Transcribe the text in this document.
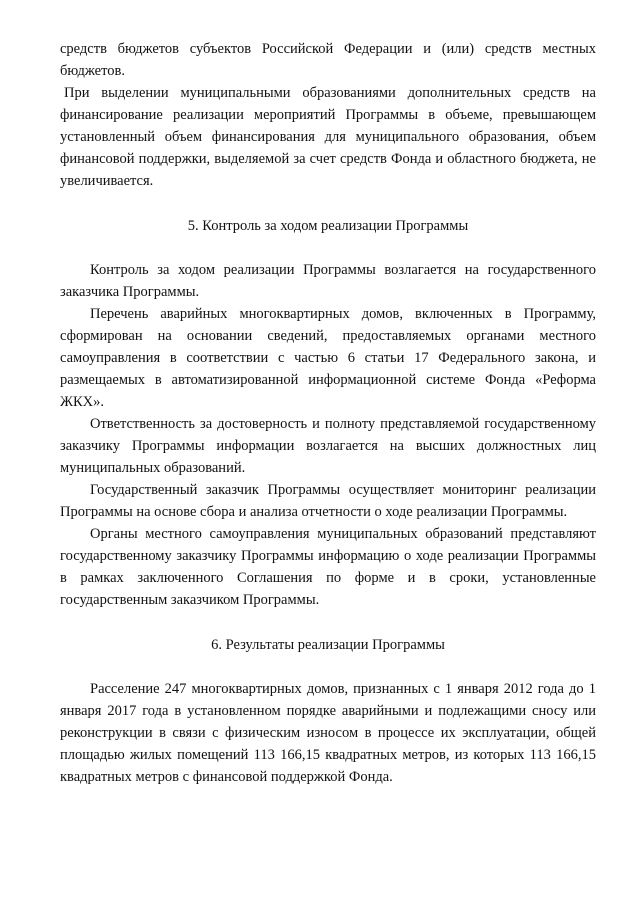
средств бюджетов субъектов Российской Федерации и (или) средств местных бюджетов.

При выделении муниципальными образованиями дополнительных средств на финансирование реализации мероприятий Программы в объеме, превышающем установленный объем финансирования для муниципального образования, объем финансовой поддержки, выделяемой за счет средств Фонда и областного бюджета, не увеличивается.

5. Контроль за ходом реализации Программы

Контроль за ходом реализации Программы возлагается на государственного заказчика Программы.

Перечень аварийных многоквартирных домов, включенных в Программу, сформирован на основании сведений, предоставляемых органами местного самоуправления в соответствии с частью 6 статьи 17 Федерального закона, и размещаемых в автоматизированной информационной системе Фонда «Реформа ЖКХ».

Ответственность за достоверность и полноту представляемой государственному заказчику Программы информации возлагается на высших должностных лиц муниципальных образований.

Государственный заказчик Программы осуществляет мониторинг реализации Программы на основе сбора и анализа отчетности о ходе реализации Программы.

Органы местного самоуправления муниципальных образований представляют государственному заказчику Программы информацию о ходе реализации Программы в рамках заключенного Соглашения по форме и в сроки, установленные государственным заказчиком Программы.

6. Результаты реализации Программы

Расселение 247 многоквартирных домов, признанных с 1 января 2012 года до 1 января 2017 года в установленном порядке аварийными и подлежащими сносу или реконструкции в связи с физическим износом в процессе их эксплуатации, общей площадью жилых помещений 113 166,15 квадратных метров, из которых 113 166,15 квадратных метров с финансовой поддержкой Фонда.
